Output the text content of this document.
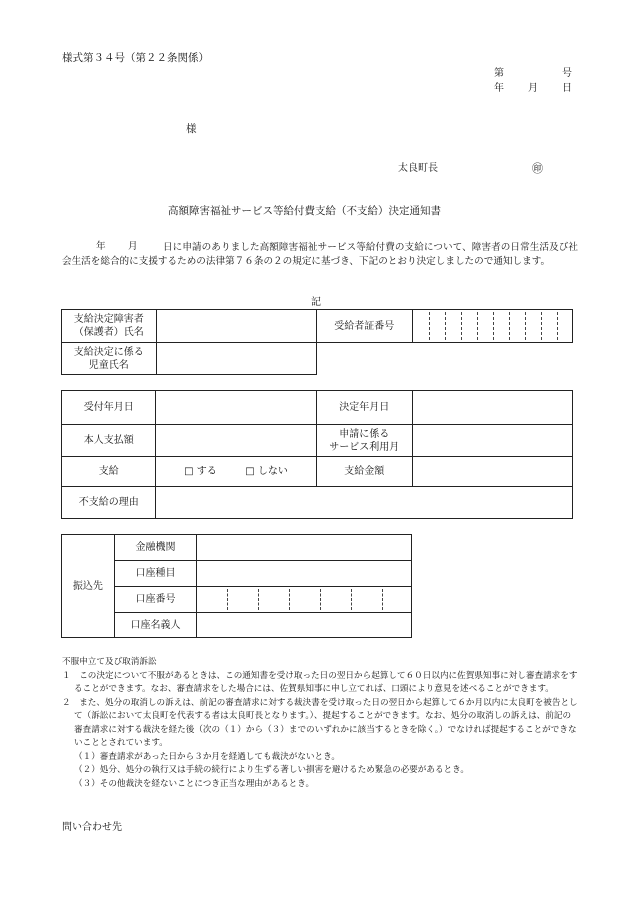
様式第３４号（第２２条関係）
第	号
年 月 日
様
太良町長	㊞
高額障害福祉サービス等給付費支給（不支給）決定通知書
年 月	日に申請のありました高額障害福祉サービス等給付費の支給について、障害者の日常生活及び社会生活を総合的に支援するための法律第７６条の２の規定に基づき、下記のとおり決定しましたので通知します。
記
支給決定障害者
（保護者）氏名		受給者証番号	

支給決定に係る
児童氏名			

受付年月日		決定年月日	
本人支払額		申請に係る
サービス利用月	

支給	□ する □ しない	支給金額	
不支給の理由			
振込先	金融機関	
	口座種目	
	口座番号	

	口座名義人	

不服申立て及び取消訴訟

１　この決定について不服があるときは、この通知書を受け取った日の翌日から起算して６０日以内に佐賀県知事に対し審査請求をすることができます。なお、審査請求をした場合には、佐賀県知事に申し立てれば、口頭により意見を述べることができます。

２　また、処分の取消しの訴えは、前記の審査請求に対する裁決書を受け取った日の翌日から起算して６か月以内に太良町を被告として（訴訟において太良町を代表する者は太良町長となります。）、提起することができます。なお、処分の取消しの訴えは、前記の審査請求に対する裁決を経た後（次の（１）から（３）までのいずれかに該当するときを除く。）でなければ提起することができないこととされています。

（１）審査請求があった日から３か月を経過しても裁決がないとき。

（２）処分、処分の執行又は手続の続行により生ずる著しい損害を避けるため緊急の必要があるとき。

（３）その他裁決を経ないことにつき正当な理由があるとき。

問い合わせ先
